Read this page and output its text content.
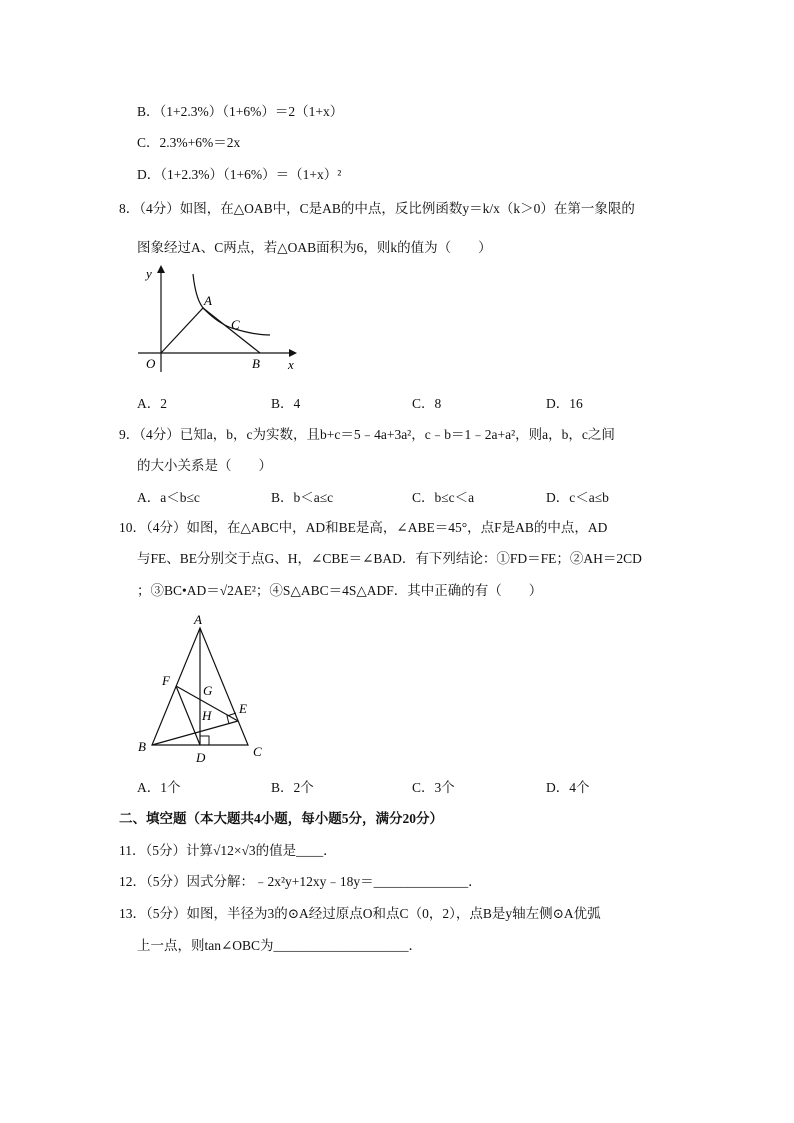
B．（1+2.3%）（1+6%）＝2（1+x）
C．2.3%+6%＝2x
D．（1+2.3%）（1+6%）＝（1+x）²
8．（4分）如图，在△OAB中，C是AB的中点，反比例函数y＝k/x（k＞0）在第一象限的
图象经过A、C两点，若△OAB面积为6，则k的值为（　　）
y
A
C
O	B x
A．2	B．4	C．8	D．16
9．（4分）已知a，b，c为实数，且b+c＝5﹣4a+3a²，c﹣b＝1﹣2a+a²，则a，b，c之间
的大小关系是（　　）
A．a＜b≤c	B．b＜a≤c	C．b≤c＜a	D．c＜a≤b
10．（4分）如图，在△ABC中，AD和BE是高，∠ABE＝45°，点F是AB的中点，AD
与FE、BE分别交于点G、H，∠CBE＝∠BAD．有下列结论：①FD＝FE；②AH＝2CD
；③BC•AD＝√2AE²；④S△ABC＝4S△ADF．其中正确的有（　　）
A
F
G
H E
B
D	C
A．1个	B．2个	C．3个	D．4个
二、填空题（本大题共4小题，每小题5分，满分20分）
11．（5分）计算√12×√3的值是____．
12．（5分）因式分解：﹣2x²y+12xy﹣18y＝______________．
13．（5分）如图，半径为3的⊙A经过原点O和点C（0，2），点B是y轴左侧⊙A优弧
上一点，则tan∠OBC为____________________．
